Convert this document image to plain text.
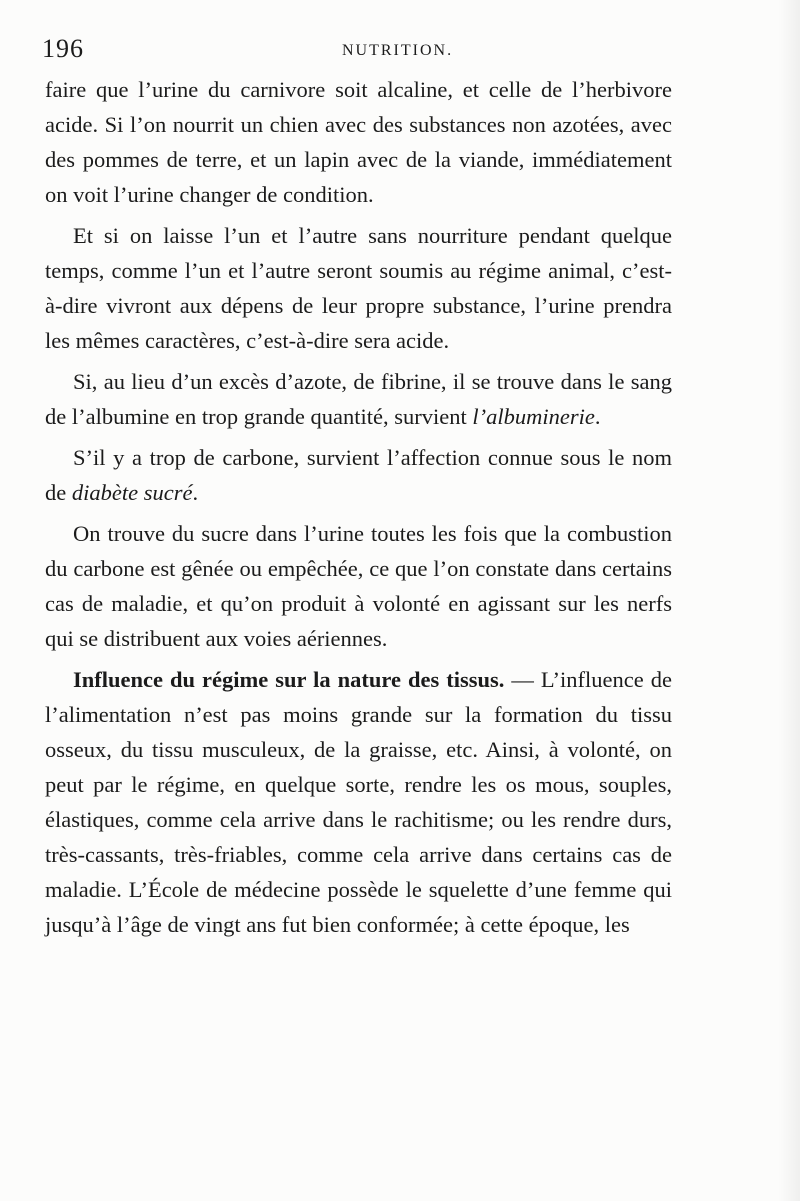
196	NUTRITION.

faire que l’urine du carnivore soit alcaline, et celle de l’herbivore acide. Si l’on nourrit un chien avec des substances non azotées, avec des pommes de terre, et un lapin avec de la viande, immédiatement on voit l’urine changer de condition.

Et si on laisse l’un et l’autre sans nourriture pendant quelque temps, comme l’un et l’autre seront soumis au régime animal, c’est-à-dire vivront aux dépens de leur propre substance, l’urine prendra les mêmes caractères, c’est-à-dire sera acide.

Si, au lieu d’un excès d’azote, de fibrine, il se trouve dans le sang de l’albumine en trop grande quantité, survient l’albuminerie.

S’il y a trop de carbone, survient l’affection connue sous le nom de diabète sucré.

On trouve du sucre dans l’urine toutes les fois que la combustion du carbone est gênée ou empêchée, ce que l’on constate dans certains cas de maladie, et qu’on produit à volonté en agissant sur les nerfs qui se distribuent aux voies aériennes.

Influence du régime sur la nature des tissus. — L’influence de l’alimentation n’est pas moins grande sur la formation du tissu osseux, du tissu musculeux, de la graisse, etc. Ainsi, à volonté, on peut par le régime, en quelque sorte, rendre les os mous, souples, élastiques, comme cela arrive dans le rachitisme; ou les rendre durs, très-cassants, très-friables, comme cela arrive dans certains cas de maladie. L’École de médecine possède le squelette d’une femme qui jusqu’à l’âge de vingt ans fut bien conformée; à cette époque, les
